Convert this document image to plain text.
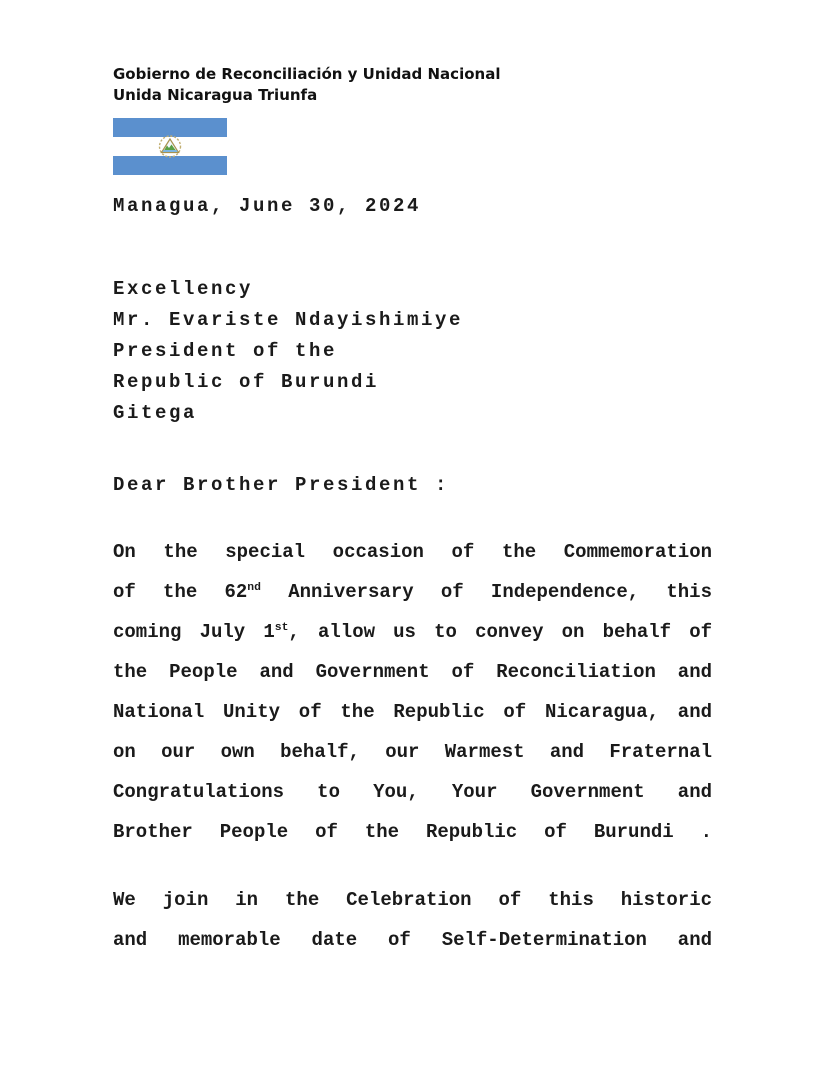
Gobierno de Reconciliación y Unidad Nacional
Unida Nicaragua Triunfa
Managua, June 30, 2024
Excellency
Mr. Evariste Ndayishimiye
President of the
Republic of Burundi
Gitega
Dear Brother President :
On the special occasion of the Commemoration
of the 62nd Anniversary of Independence, this
coming July 1st, allow us to convey on behalf of
the People and Government of Reconciliation and
National Unity of the Republic of Nicaragua, and
on our own behalf, our Warmest and Fraternal
Congratulations to You, Your Government and
Brother People of the Republic of Burundi .
We join in the Celebration of this historic
and memorable date of Self-Determination and
